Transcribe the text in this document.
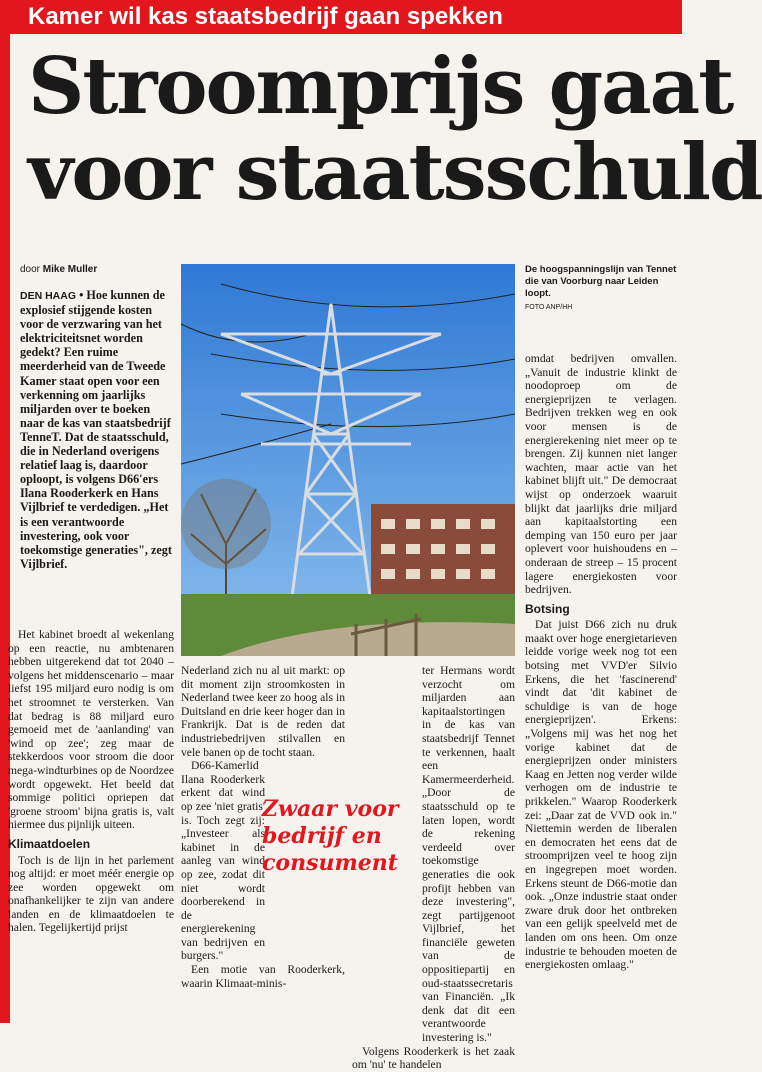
Kamer wil kas staatsbedrijf gaan spekken
Stroomprijs gaat
voor staatsschuld
door Mike Muller
DEN HAAG • Hoe kunnen de explosief stijgende kosten voor de verzwaring van het elektriciteitsnet worden gedekt? Een ruime meerderheid van de Tweede Kamer staat open voor een verkenning om jaarlijks miljarden over te boeken naar de kas van staatsbedrijf TenneT. Dat de staatsschuld, die in Nederland overigens relatief laag is, daardoor oploopt, is volgens D66'ers Ilana Rooderkerk en Hans Vijlbrief te verdedigen. „Het is een verantwoorde investering, ook voor toekomstige generaties", zegt Vijlbrief.
De hoogspanningslijn van Tennet die van Voorburg naar Leiden loopt.
FOTO ANP/HH

Het kabinet broedt al wekenlang op een reactie, nu ambtenaren hebben uitgerekend dat tot 2040 – volgens het middenscenario – maar liefst 195 miljard euro nodig is om het stroomnet te versterken. Van dat bedrag is 88 miljard euro gemoeid met de 'aanlanding' van 'wind op zee'; zeg maar de stekkerdoos voor stroom die door mega-windturbines op de Noordzee wordt opgewekt. Het beeld dat sommige politici opriepen dat 'groene stroom' bijna gratis is, valt hiermee dus pijnlijk uiteen.

Klimaatdoelen

Toch is de lijn in het parlement nog altijd: er moet méér energie op zee worden opgewekt om onafhankelijker te zijn van andere landen en de klimaatdoelen te halen. Tegelijkertijd prijst

Nederland zich nu al uit markt: op dit moment zijn stroomkosten in Nederland twee keer zo hoog als in Duitsland en drie keer hoger dan in Frankrijk. Dat is de reden dat industriebedrijven stilvallen en vele banen op de tocht staan.

D66-Kamerlid Ilana Rooderkerk erkent dat wind op zee 'niet gratis' is. Toch zegt zij: „Investeer als kabinet in de aanleg van wind op zee, zodat dit niet wordt doorberekend in de energierekening van bedrijven en burgers."

Een motie van Rooderkerk, waarin Klimaat-minis-

ter Hermans wordt verzocht om miljarden aan kapitaalstortingen in de kas van staatsbedrijf Tennet te verkennen, haalt een Kamermeerderheid. „Door de staatsschuld op te laten lopen, wordt de rekening verdeeld over toekomstige generaties die ook profijt hebben van deze investering", zegt partijgenoot Vijlbrief, het financiële geweten van de oppositiepartij en oud-staatssecretaris van Financiën. „Ik denk dat dit een verantwoorde investering is."

Volgens Rooderkerk is het zaak om 'nu' te handelen

omdat bedrijven omvallen. „Vanuit de industrie klinkt de noodoproep om de energieprijzen te verlagen. Bedrijven trekken weg en ook voor mensen is de energierekening niet meer op te brengen. Zij kunnen niet langer wachten, maar actie van het kabinet blijft uit." De democraat wijst op onderzoek waaruit blijkt dat jaarlijks drie miljard aan kapitaalstorting een demping van 150 euro per jaar oplevert voor huishoudens en – onderaan de streep – 15 procent lagere energiekosten voor bedrijven.

Botsing

Dat juist D66 zich nu druk maakt over hoge energietarieven leidde vorige week nog tot een botsing met VVD'er Silvio Erkens, die het 'fascinerend' vindt dat 'dit kabinet de schuldige is van de hoge energieprijzen'. Erkens: „Volgens mij was het nog het vorige kabinet dat de energieprijzen onder ministers Kaag en Jetten nog verder wilde verhogen om de industrie te prikkelen." Waarop Rooderkerk zei: „Daar zat de VVD ook in." Niettemin werden de liberalen en democraten het eens dat de stroomprijzen veel te hoog zijn en ingegrepen moet worden. Erkens steunt de D66-motie dan ook. „Onze industrie staat onder zware druk door het ontbreken van een gelijk speelveld met de landen om ons heen. Om onze industrie te behouden moeten de energiekosten omlaag."

Zwaar voor
bedrijf en
consument
